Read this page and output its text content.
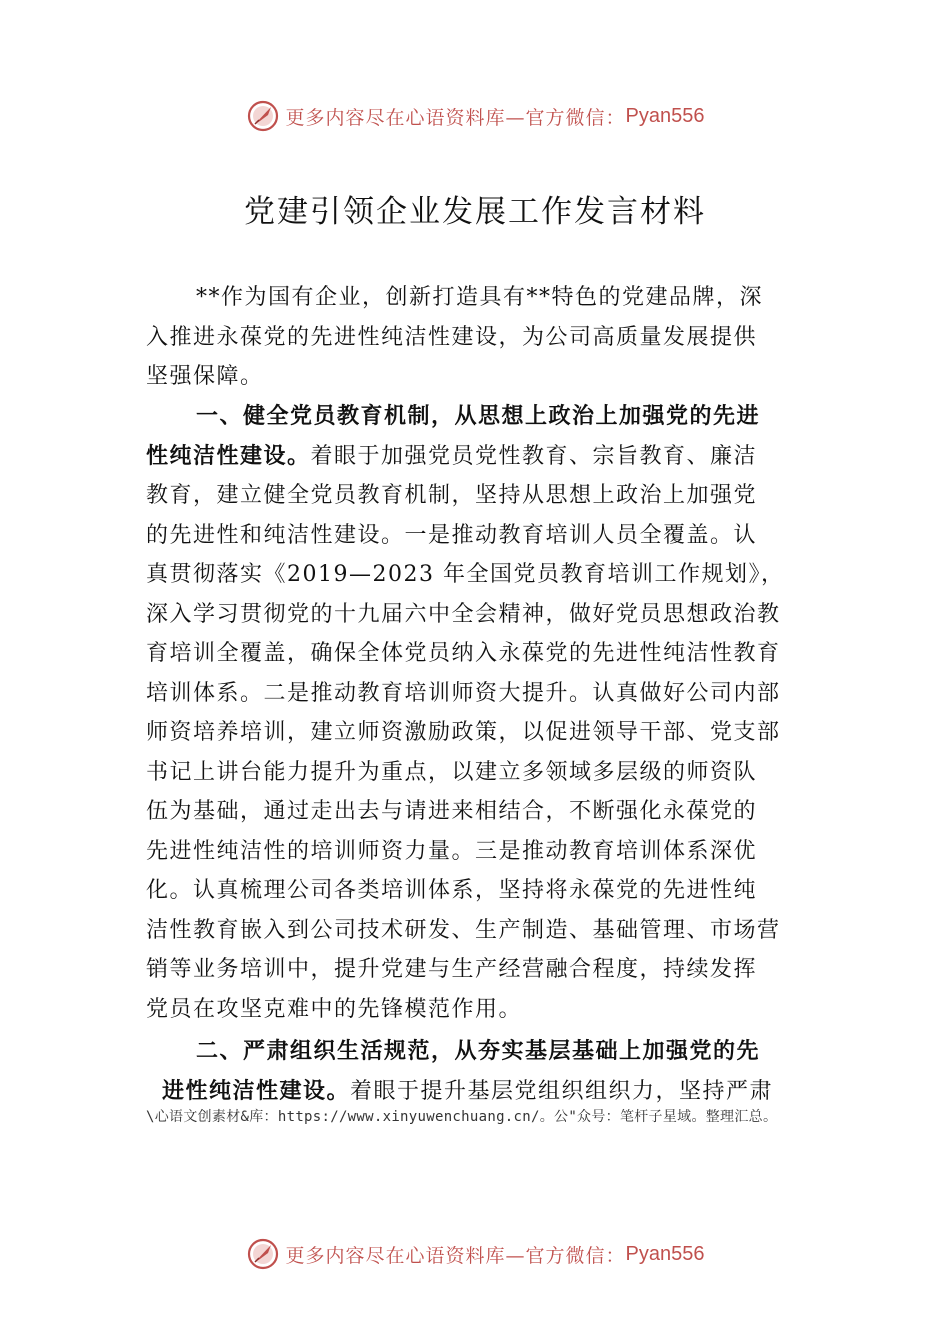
更多内容尽在心语资料库—官方微信： Pyan556
党建引领企业发展工作发言材料
**作为国有企业，创新打造具有**特色的党建品牌，深
入推进永葆党的先进性纯洁性建设，为公司高质量发展提供
坚强保障。
一、健全党员教育机制，从思想上政治上加强党的先进
性纯洁性建设。着眼于加强党员党性教育、宗旨教育、廉洁
教育，建立健全党员教育机制，坚持从思想上政治上加强党
的先进性和纯洁性建设。一是推动教育培训人员全覆盖。认
真贯彻落实《2019—2023 年全国党员教育培训工作规划》，
深入学习贯彻党的十九届六中全会精神，做好党员思想政治教
育培训全覆盖，确保全体党员纳入永葆党的先进性纯洁性教育
培训体系。二是推动教育培训师资大提升。认真做好公司内部
师资培养培训，建立师资激励政策，以促进领导干部、党支部
书记上讲台能力提升为重点，以建立多领域多层级的师资队
伍为基础，通过走出去与请进来相结合，不断强化永葆党的
先进性纯洁性的培训师资力量。三是推动教育培训体系深优
化。认真梳理公司各类培训体系，坚持将永葆党的先进性纯
洁性教育嵌入到公司技术研发、生产制造、基础管理、市场营
销等业务培训中，提升党建与生产经营融合程度，持续发挥
党员在攻坚克难中的先锋模范作用。
二、严肃组织生活规范，从夯实基层基础上加强党的先
进性纯洁性建设。着眼于提升基层党组织组织力，坚持严肃
\心语文创素材&库：https://www.xinyuwenchuang.cn/。公"众号：笔杆子星域。整理汇总。
更多内容尽在心语资料库—官方微信： Pyan556
